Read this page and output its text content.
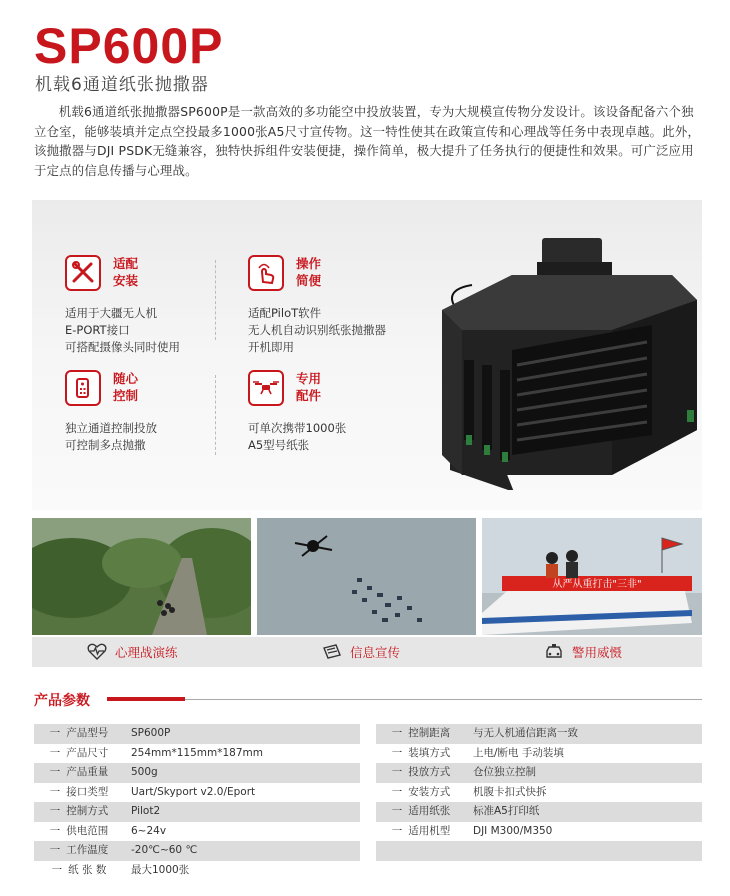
SP600P
机载6通道纸张抛撒器
机载6通道纸张抛撒器SP600P是一款高效的多功能空中投放装置，专为大规模宣传物分发设计。该设备配备六个独立仓室，能够装填并定点空投最多1000张A5尺寸宣传物。这一特性使其在政策宣传和心理战等任务中表现卓越。此外，该抛撒器与DJI PSDK无缝兼容，独特快拆组件安装便捷，操作简单，极大提升了任务执行的便捷性和效果。可广泛应用于定点的信息传播与心理战。
适配
安装
适用于大疆无人机
E-PORT接口
可搭配摄像头同时使用
操作
简便
适配PiloT软件
无人机自动识别纸张抛撒器
开机即用
随心
控制
独立通道控制投放
可控制多点抛撒
专用
配件
可单次携带1000张
A5型号纸张
从严从重打击"三非"
心理战演练	信息宣传	警用威慑
产品参数
一 产品型号	SP600P
一 产品尺寸	254mm*115mm*187mm
一 产品重量	500g
一 接口类型	Uart/Skyport v2.0/Eport
一 控制方式	Pilot2
一 供电范围	6~24v
一 工作温度	-20℃~60 ℃
一 纸 张 数	最大1000张
一 控制距离	与无人机通信距离一致
一 装填方式	上电/断电 手动装填
一 投放方式	仓位独立控制
一 安装方式	机腹卡扣式快拆
一 适用纸张	标准A5打印纸
一 适用机型	DJI M300/M350
